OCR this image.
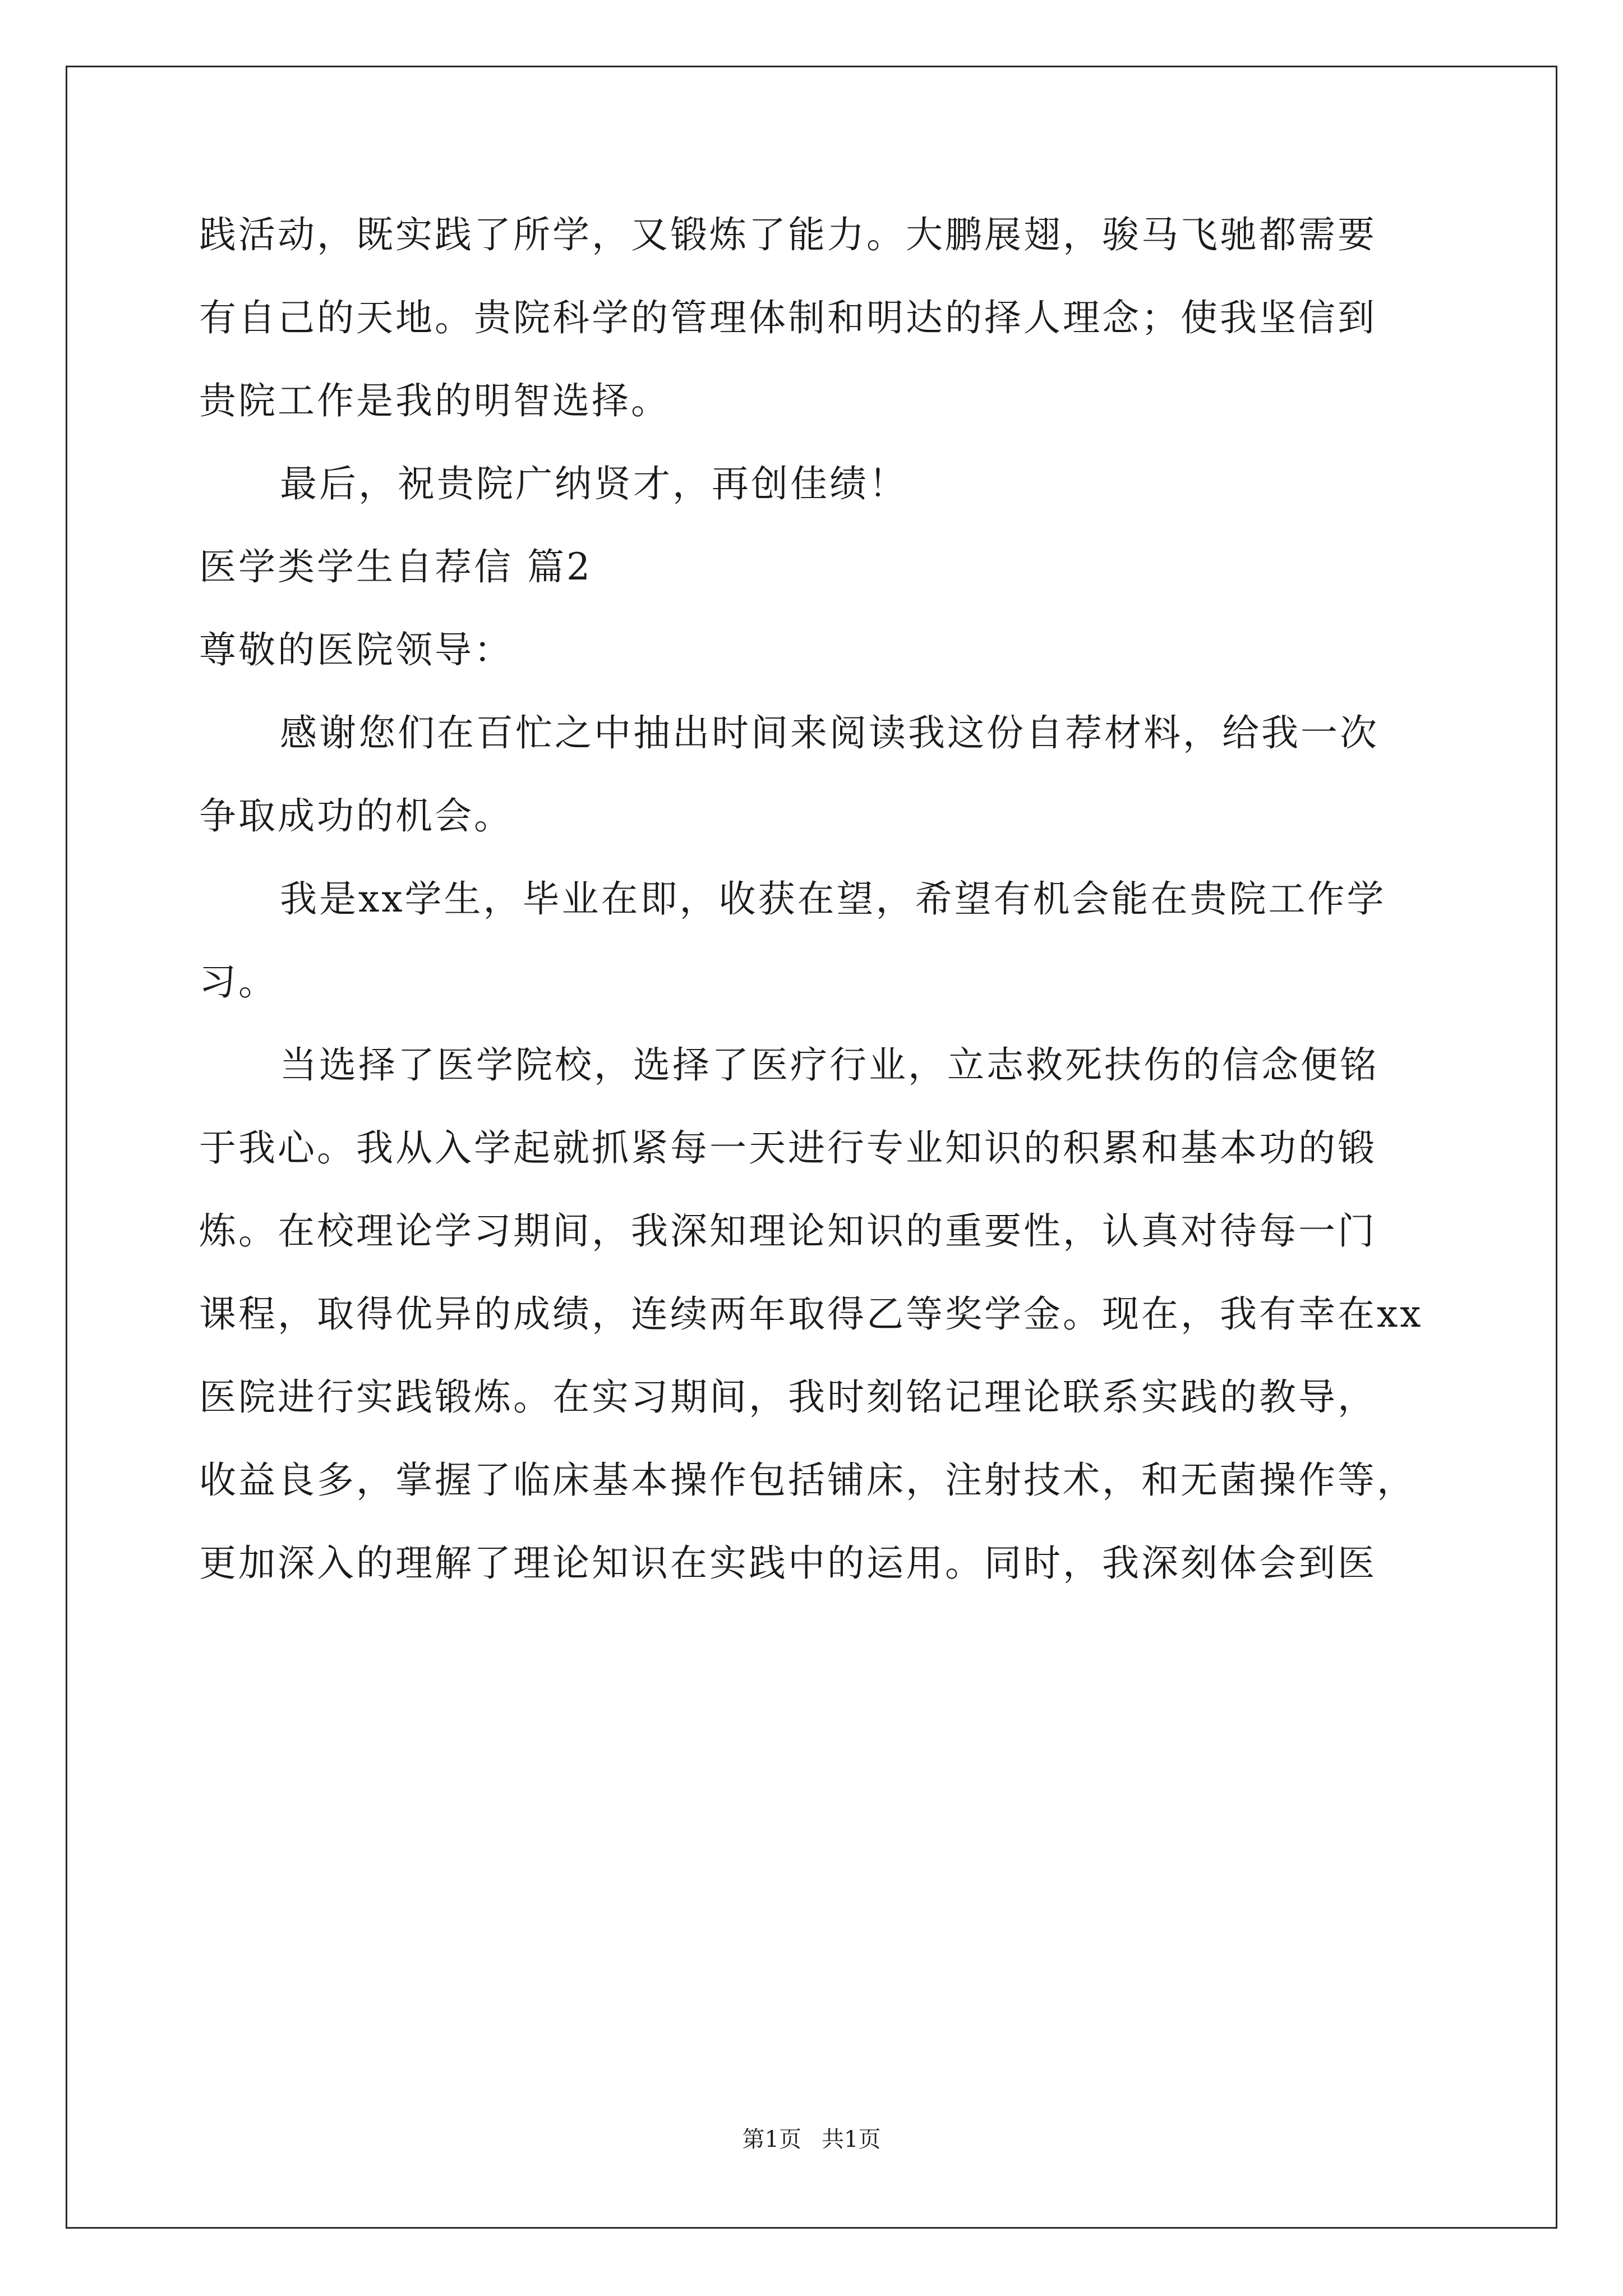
践活动，既实践了所学，又锻炼了能力。大鹏展翅，骏马飞驰都需要
有自己的天地。贵院科学的管理体制和明达的择人理念；使我坚信到
贵院工作是我的明智选择。
最后，祝贵院广纳贤才，再创佳绩！
医学类学生自荐信 篇2
尊敬的医院领导：
感谢您们在百忙之中抽出时间来阅读我这份自荐材料，给我一次
争取成功的机会。
我是xx学生，毕业在即，收获在望，希望有机会能在贵院工作学
习。
当选择了医学院校，选择了医疗行业，立志救死扶伤的信念便铭
于我心。我从入学起就抓紧每一天进行专业知识的积累和基本功的锻
炼。在校理论学习期间，我深知理论知识的重要性，认真对待每一门
课程，取得优异的成绩，连续两年取得乙等奖学金。现在，我有幸在xx
医院进行实践锻炼。在实习期间，我时刻铭记理论联系实践的教导，
收益良多，掌握了临床基本操作包括铺床，注射技术，和无菌操作等，
更加深入的理解了理论知识在实践中的运用。同时，我深刻体会到医
第1页 共1页
